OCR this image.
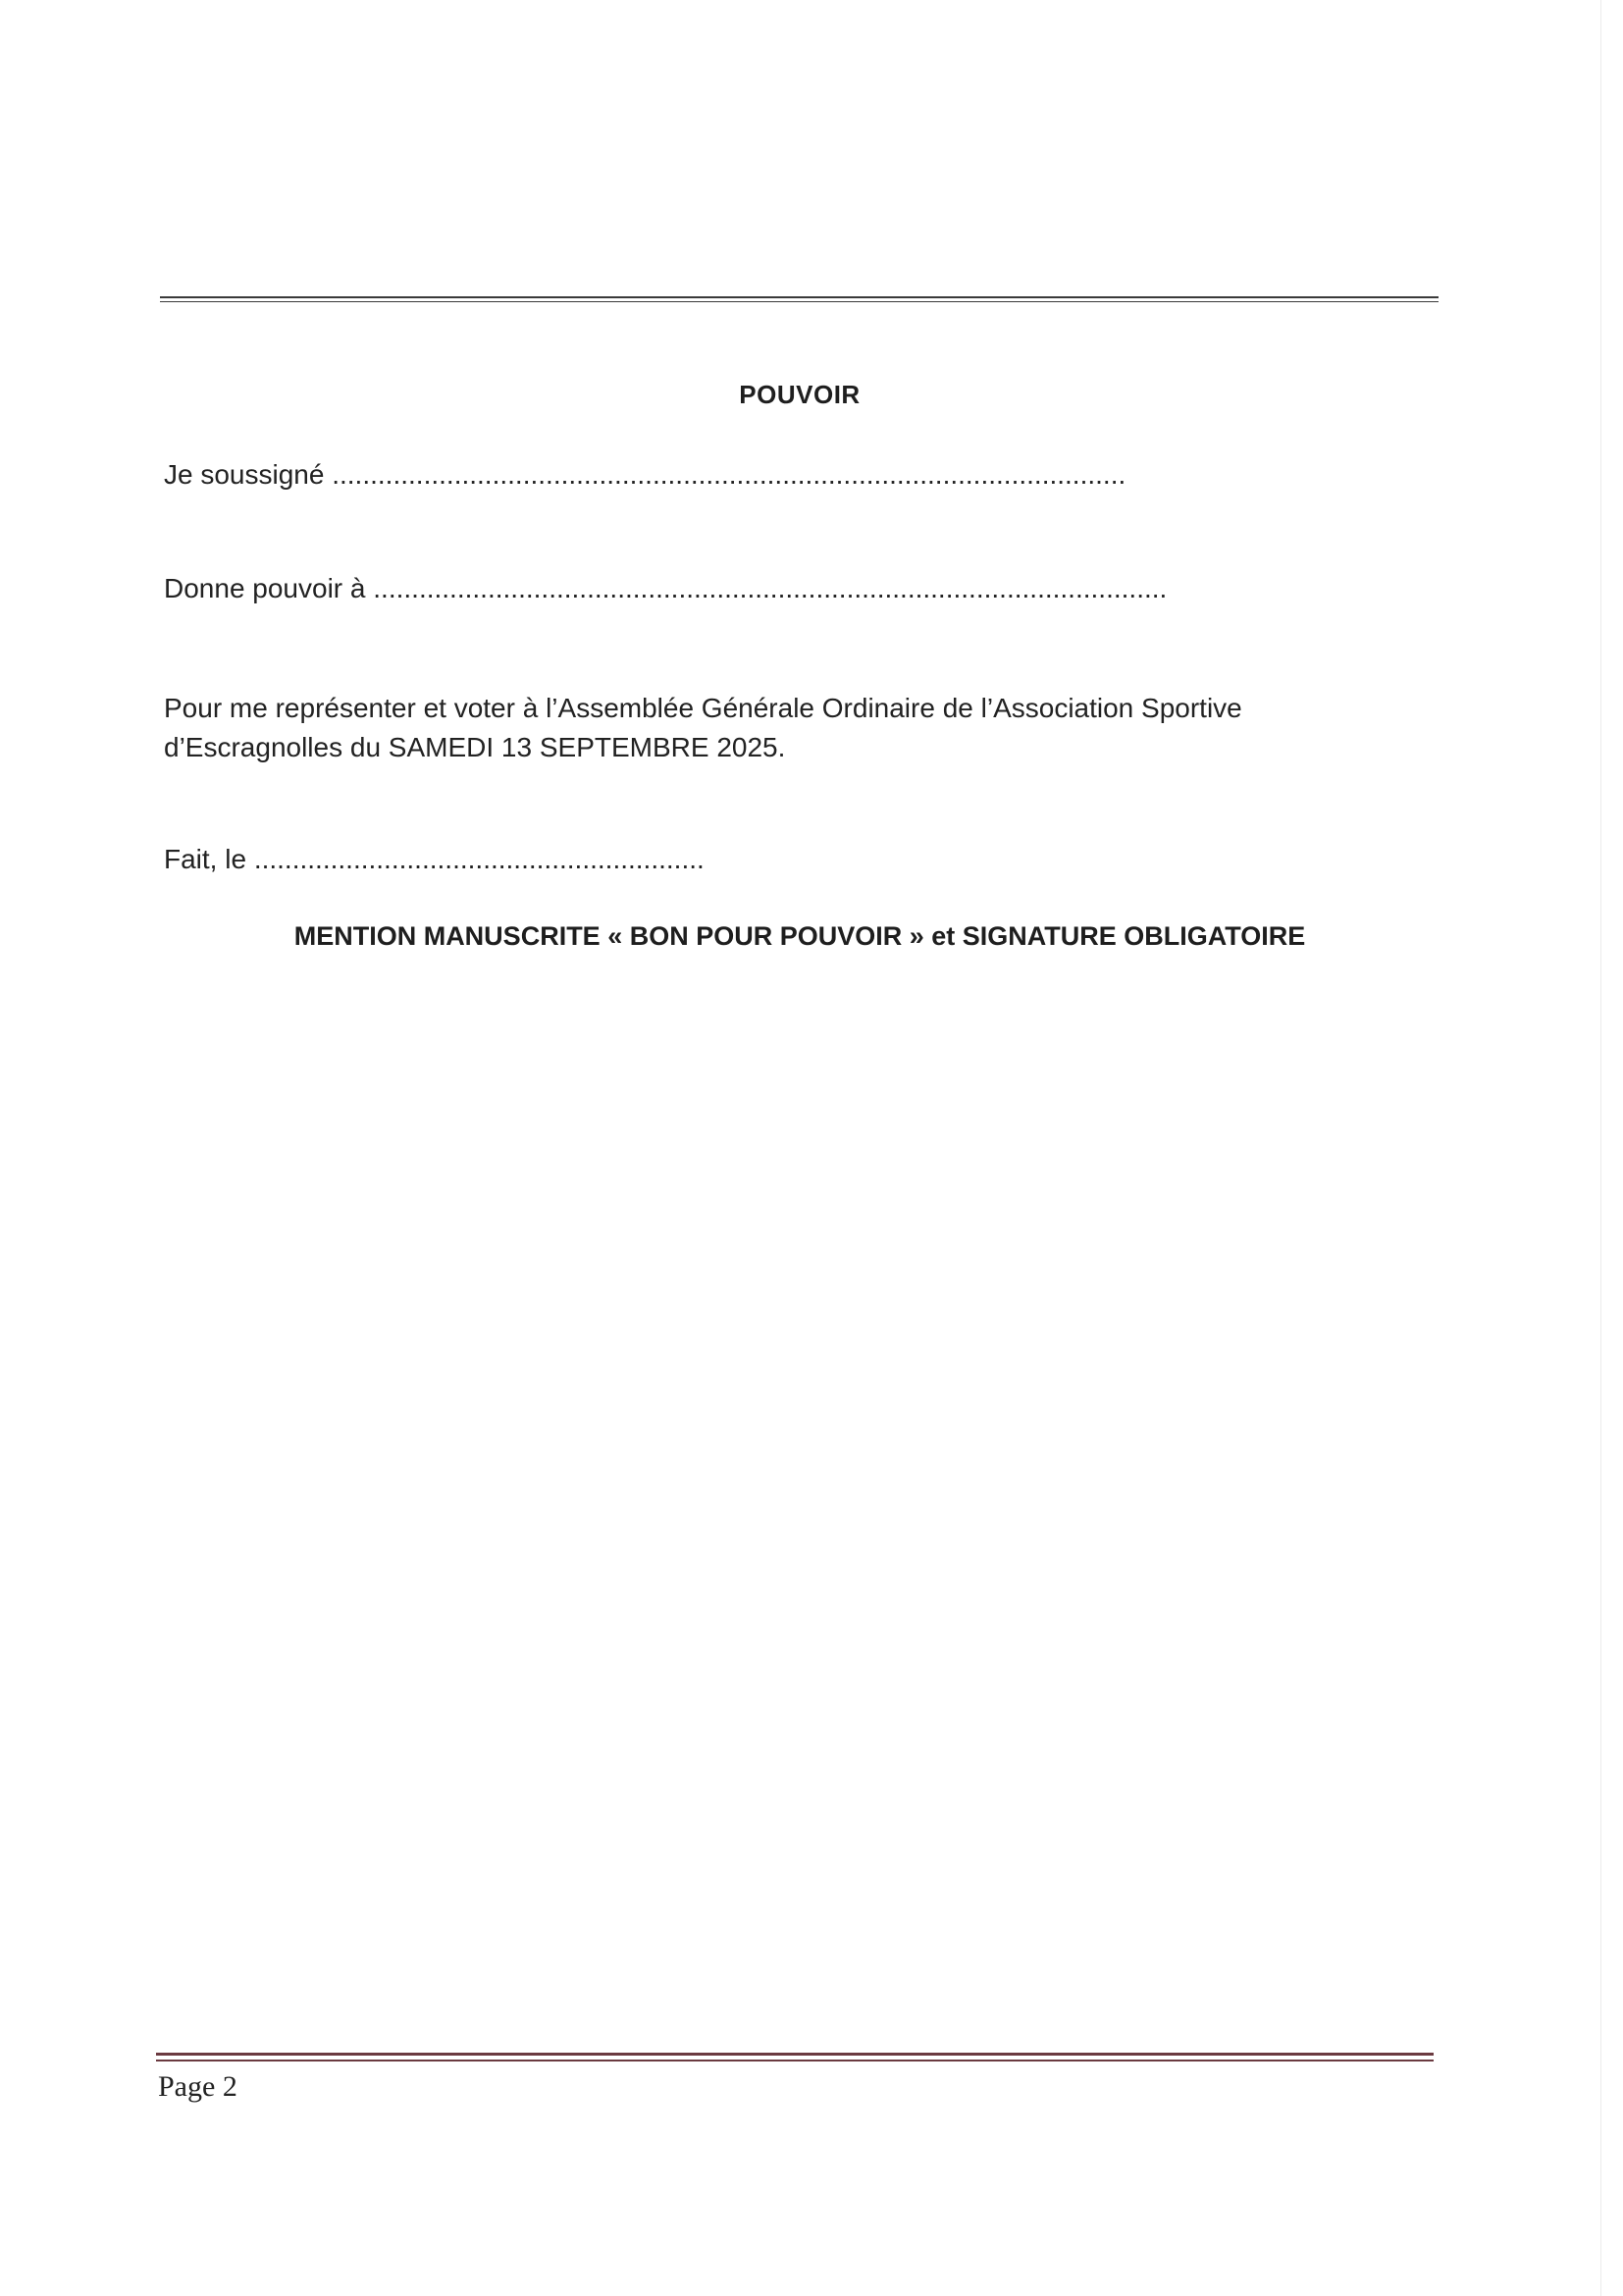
POUVOIR
Je soussigné ........................................................................................................
Donne pouvoir à ........................................................................................................
Pour me représenter et voter à l’Assemblée Générale Ordinaire de l’Association Sportive d’Escragnolles du SAMEDI 13 SEPTEMBRE 2025.
Fait, le ...........................................................
MENTION MANUSCRITE « BON POUR POUVOIR » et SIGNATURE OBLIGATOIRE
Page 2
